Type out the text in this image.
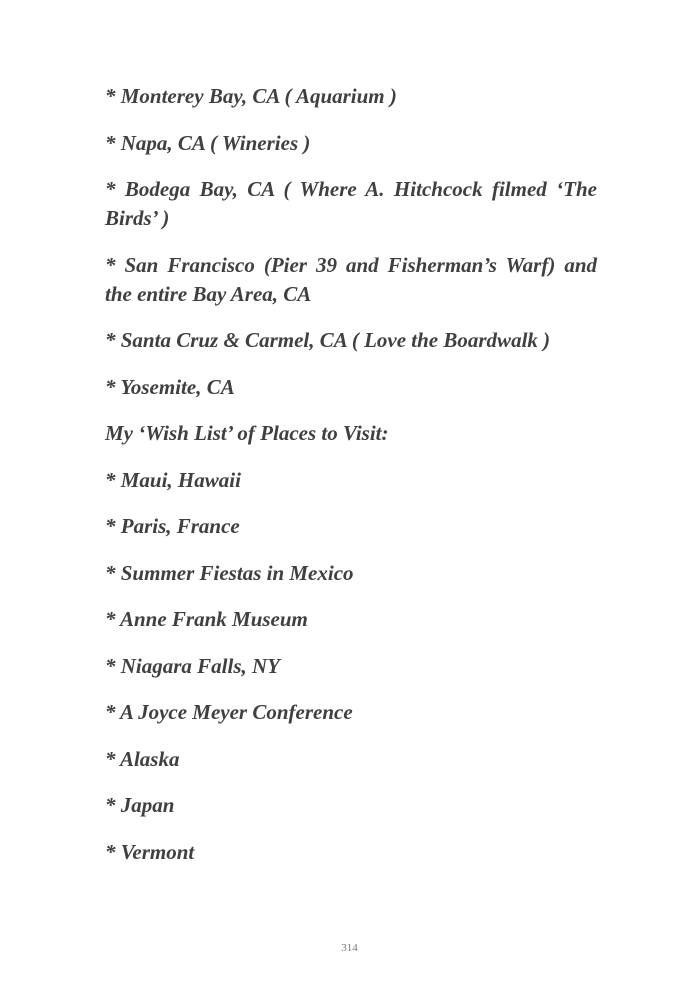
* Monterey Bay, CA ( Aquarium )

* Napa, CA ( Wineries )

* Bodega Bay, CA ( Where A. Hitchcock filmed ‘The Birds’ )

* San Francisco (Pier 39 and Fisherman’s Warf) and the entire Bay Area, CA

* Santa Cruz & Carmel, CA ( Love the Boardwalk )

* Yosemite, CA

My ‘Wish List’ of Places to Visit:

* Maui, Hawaii

* Paris, France

* Summer Fiestas in Mexico

* Anne Frank Museum

* Niagara Falls, NY

* A Joyce Meyer Conference

* Alaska

* Japan

* Vermont

314
